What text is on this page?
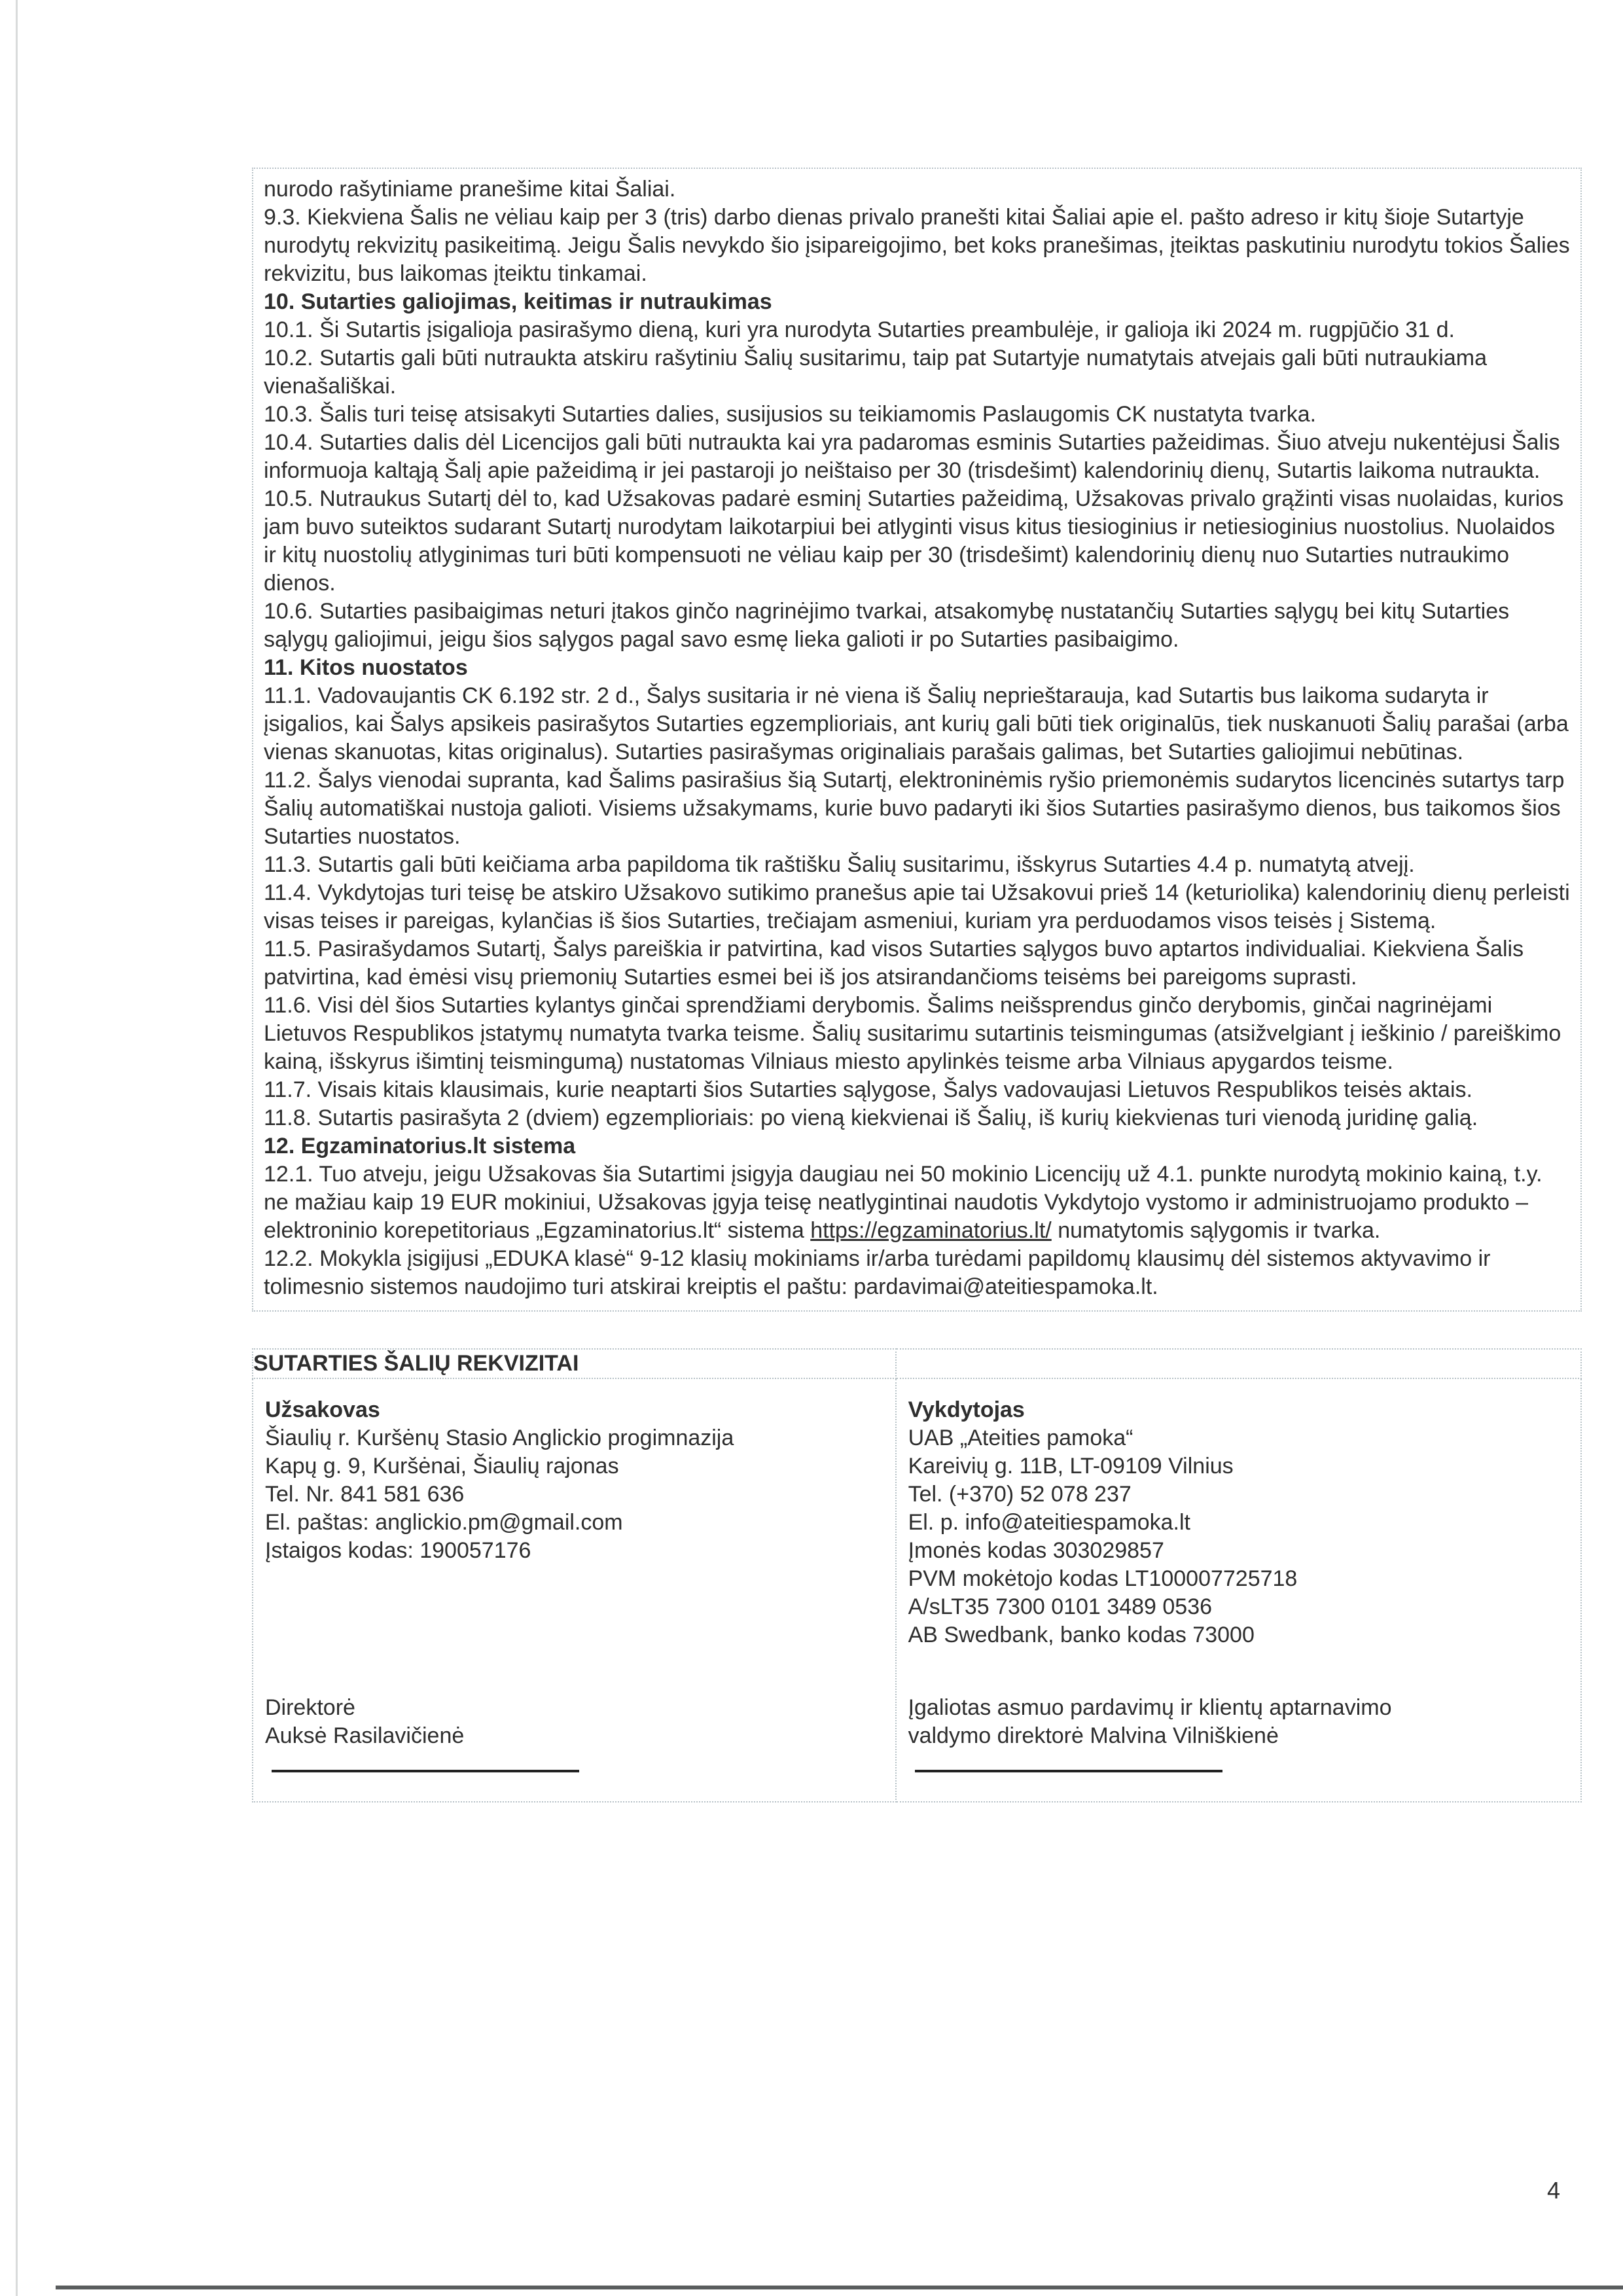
nurodo rašytiniame pranešime kitai Šaliai.

9.3. Kiekviena Šalis ne vėliau kaip per 3 (tris) darbo dienas privalo pranešti kitai Šaliai apie el. pašto adreso ir kitų šioje Sutartyje nurodytų rekvizitų pasikeitimą. Jeigu Šalis nevykdo šio įsipareigojimo, bet koks pranešimas, įteiktas paskutiniu nurodytu tokios Šalies rekvizitu, bus laikomas įteiktu tinkamai.

10. Sutarties galiojimas, keitimas ir nutraukimas

10.1. Ši Sutartis įsigalioja pasirašymo dieną, kuri yra nurodyta Sutarties preambulėje, ir galioja iki 2024 m. rugpjūčio 31 d.

10.2. Sutartis gali būti nutraukta atskiru rašytiniu Šalių susitarimu, taip pat Sutartyje numatytais atvejais gali būti nutraukiama vienašališkai.

10.3. Šalis turi teisę atsisakyti Sutarties dalies, susijusios su teikiamomis Paslaugomis CK nustatyta tvarka.

10.4. Sutarties dalis dėl Licencijos gali būti nutraukta kai yra padaromas esminis Sutarties pažeidimas. Šiuo atveju nukentėjusi Šalis informuoja kaltąją Šalį apie pažeidimą ir jei pastaroji jo neištaiso per 30 (trisdešimt) kalendorinių dienų, Sutartis laikoma nutraukta.

10.5. Nutraukus Sutartį dėl to, kad Užsakovas padarė esminį Sutarties pažeidimą, Užsakovas privalo grąžinti visas nuolaidas, kurios jam buvo suteiktos sudarant Sutartį nurodytam laikotarpiui bei atlyginti visus kitus tiesioginius ir netiesioginius nuostolius. Nuolaidos ir kitų nuostolių atlyginimas turi būti kompensuoti ne vėliau kaip per 30 (trisdešimt) kalendorinių dienų nuo Sutarties nutraukimo dienos.

10.6. Sutarties pasibaigimas neturi įtakos ginčo nagrinėjimo tvarkai, atsakomybę nustatančių Sutarties sąlygų bei kitų Sutarties sąlygų galiojimui, jeigu šios sąlygos pagal savo esmę lieka galioti ir po Sutarties pasibaigimo.

11. Kitos nuostatos

11.1. Vadovaujantis CK 6.192 str. 2 d., Šalys susitaria ir nė viena iš Šalių neprieštarauja, kad Sutartis bus laikoma sudaryta ir įsigalios, kai Šalys apsikeis pasirašytos Sutarties egzemplioriais, ant kurių gali būti tiek originalūs, tiek nuskanuoti Šalių parašai (arba vienas skanuotas, kitas originalus). Sutarties pasirašymas originaliais parašais galimas, bet Sutarties galiojimui nebūtinas.

11.2. Šalys vienodai supranta, kad Šalims pasirašius šią Sutartį, elektroninėmis ryšio priemonėmis sudarytos licencinės sutartys tarp Šalių automatiškai nustoja galioti. Visiems užsakymams, kurie buvo padaryti iki šios Sutarties pasirašymo dienos, bus taikomos šios Sutarties nuostatos.

11.3. Sutartis gali būti keičiama arba papildoma tik raštišku Šalių susitarimu, išskyrus Sutarties 4.4 p. numatytą atvejį.

11.4. Vykdytojas turi teisę be atskiro Užsakovo sutikimo pranešus apie tai Užsakovui prieš 14 (keturiolika) kalendorinių dienų perleisti visas teises ir pareigas, kylančias iš šios Sutarties, trečiajam asmeniui, kuriam yra perduodamos visos teisės į Sistemą.

11.5. Pasirašydamos Sutartį, Šalys pareiškia ir patvirtina, kad visos Sutarties sąlygos buvo aptartos individualiai. Kiekviena Šalis patvirtina, kad ėmėsi visų priemonių Sutarties esmei bei iš jos atsirandančioms teisėms bei pareigoms suprasti.

11.6. Visi dėl šios Sutarties kylantys ginčai sprendžiami derybomis. Šalims neišsprendus ginčo derybomis, ginčai nagrinėjami Lietuvos Respublikos įstatymų numatyta tvarka teisme. Šalių susitarimu sutartinis teismingumas (atsižvelgiant į ieškinio / pareiškimo kainą, išskyrus išimtinį teismingumą) nustatomas Vilniaus miesto apylinkės teisme arba Vilniaus apygardos teisme.

11.7. Visais kitais klausimais, kurie neaptarti šios Sutarties sąlygose, Šalys vadovaujasi Lietuvos Respublikos teisės aktais.

11.8. Sutartis pasirašyta 2 (dviem) egzemplioriais: po vieną kiekvienai iš Šalių, iš kurių kiekvienas turi vienodą juridinę galią.

12. Egzaminatorius.lt sistema

12.1. Tuo atveju, jeigu Užsakovas šia Sutartimi įsigyja daugiau nei 50 mokinio Licencijų už 4.1. punkte nurodytą mokinio kainą, t.y. ne mažiau kaip 19 EUR mokiniui, Užsakovas įgyja teisę neatlygintinai naudotis Vykdytojo vystomo ir administruojamo produkto – elektroninio korepetitoriaus „Egzaminatorius.lt“ sistema https://egzaminatorius.lt/ numatytomis sąlygomis ir tvarka.

12.2. Mokykla įsigijusi „EDUKA klasė“ 9-12 klasių mokiniams ir/arba turėdami papildomų klausimų dėl sistemos aktyvavimo ir tolimesnio sistemos naudojimo turi atskirai kreiptis el paštu: pardavimai@ateitiespamoka.lt.

SUTARTIES ŠALIŲ REKVIZITAI	

Užsakovas
Šiaulių r. Kuršėnų Stasio Anglickio progimnazija
Kapų g. 9, Kuršėnai, Šiaulių rajonas
Tel. Nr. 841 581 636
El. paštas: anglickio.pm@gmail.com
Įstaigos kodas: 190057176
Direktorė
Auksė Rasilavičienė

Vykdytojas
UAB „Ateities pamoka“
Kareivių g. 11B, LT-09109 Vilnius
Tel. (+370) 52 078 237
El. p. info@ateitiespamoka.lt
Įmonės kodas 303029857
PVM mokėtojo kodas LT100007725718
A/sLT35 7300 0101 3489 0536
AB Swedbank, banko kodas 73000
Įgaliotas asmuo pardavimų ir klientų aptarnavimo
valdymo direktorė Malvina Vilniškienė
4
